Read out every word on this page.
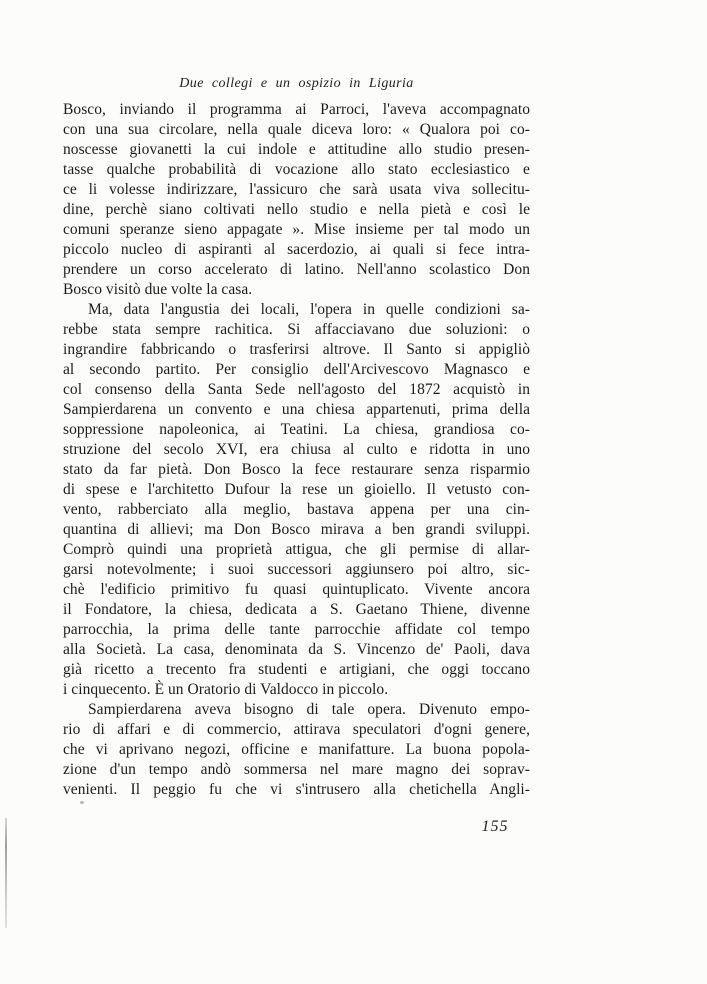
Due collegi e un ospizio in Liguria
Bosco, inviando il programma ai Parroci, l'aveva accompagnato
con una sua circolare, nella quale diceva loro: « Qualora poi co-
noscesse giovanetti la cui indole e attitudine allo studio presen-
tasse qualche probabilità di vocazione allo stato ecclesiastico e
ce li volesse indirizzare, l'assicuro che sarà usata viva sollecitu-
dine, perchè siano coltivati nello studio e nella pietà e così le
comuni speranze sieno appagate ». Mise insieme per tal modo un
piccolo nucleo di aspiranti al sacerdozio, ai quali si fece intra-
prendere un corso accelerato di latino. Nell'anno scolastico Don
Bosco visitò due volte la casa.
Ma, data l'angustia dei locali, l'opera in quelle condizioni sa-
rebbe stata sempre rachitica. Si affacciavano due soluzioni: o
ingrandire fabbricando o trasferirsi altrove. Il Santo si appigliò
al secondo partito. Per consiglio dell'Arcivescovo Magnasco e
col consenso della Santa Sede nell'agosto del 1872 acquistò in
Sampierdarena un convento e una chiesa appartenuti, prima della
soppressione napoleonica, ai Teatini. La chiesa, grandiosa co-
struzione del secolo XVI, era chiusa al culto e ridotta in uno
stato da far pietà. Don Bosco la fece restaurare senza risparmio
di spese e l'architetto Dufour la rese un gioiello. Il vetusto con-
vento, rabberciato alla meglio, bastava appena per una cin-
quantina di allievi; ma Don Bosco mirava a ben grandi sviluppi.
Comprò quindi una proprietà attigua, che gli permise di allar-
garsi notevolmente; i suoi successori aggiunsero poi altro, sic-
chè l'edificio primitivo fu quasi quintuplicato. Vivente ancora
il Fondatore, la chiesa, dedicata a S. Gaetano Thiene, divenne
parrocchia, la prima delle tante parrocchie affidate col tempo
alla Società. La casa, denominata da S. Vincenzo de' Paoli, dava
già ricetto a trecento fra studenti e artigiani, che oggi toccano
i cinquecento. È un Oratorio di Valdocco in piccolo.
Sampierdarena aveva bisogno di tale opera. Divenuto empo-
rio di affari e di commercio, attirava speculatori d'ogni genere,
che vi aprivano negozi, officine e manifatture. La buona popola-
zione d'un tempo andò sommersa nel mare magno dei soprav-
venienti. Il peggio fu che vi s'intrusero alla chetichella Angli-
155
